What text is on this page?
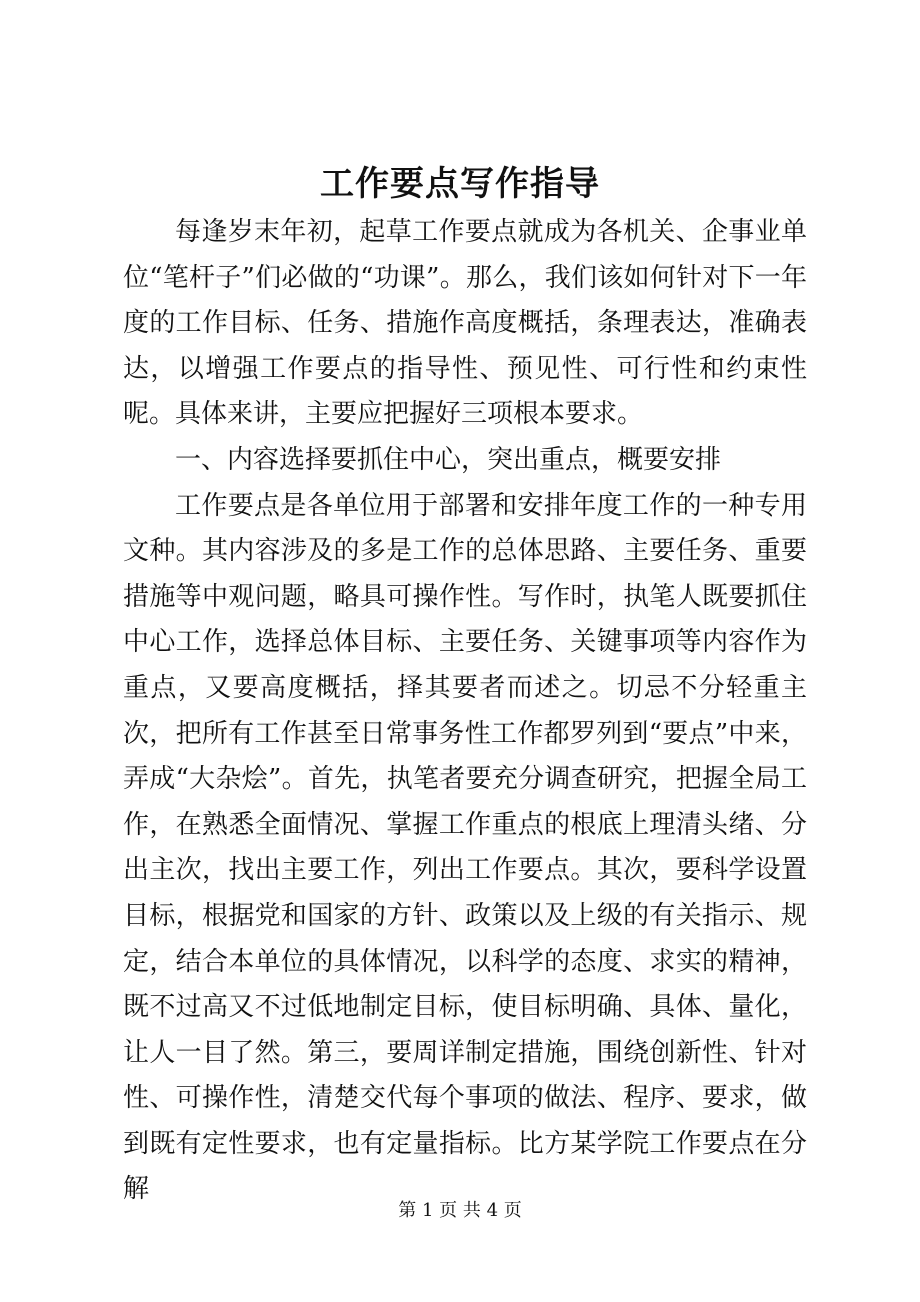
工作要点写作指导

每逢岁末年初，起草工作要点就成为各机关、企事业单位“笔杆子”们必做的“功课”。那么，我们该如何针对下一年度的工作目标、任务、措施作高度概括，条理表达，准确表达，以增强工作要点的指导性、预见性、可行性和约束性呢。具体来讲，主要应把握好三项根本要求。

一、内容选择要抓住中心，突出重点，概要安排

工作要点是各单位用于部署和安排年度工作的一种专用文种。其内容涉及的多是工作的总体思路、主要任务、重要措施等中观问题，略具可操作性。写作时，执笔人既要抓住中心工作，选择总体目标、主要任务、关键事项等内容作为重点，又要高度概括，择其要者而述之。切忌不分轻重主次，把所有工作甚至日常事务性工作都罗列到“要点”中来，弄成“大杂烩”。首先，执笔者要充分调查研究，把握全局工作，在熟悉全面情况、掌握工作重点的根底上理清头绪、分出主次，找出主要工作，列出工作要点。其次，要科学设置目标，根据党和国家的方针、政策以及上级的有关指示、规定，结合本单位的具体情况，以科学的态度、求实的精神，既不过高又不过低地制定目标，使目标明确、具体、量化，让人一目了然。第三，要周详制定措施，围绕创新性、针对性、可操作性，清楚交代每个事项的做法、程序、要求，做到既有定性要求，也有定量指标。比方某学院工作要点在分解

第 1 页 共 4 页
